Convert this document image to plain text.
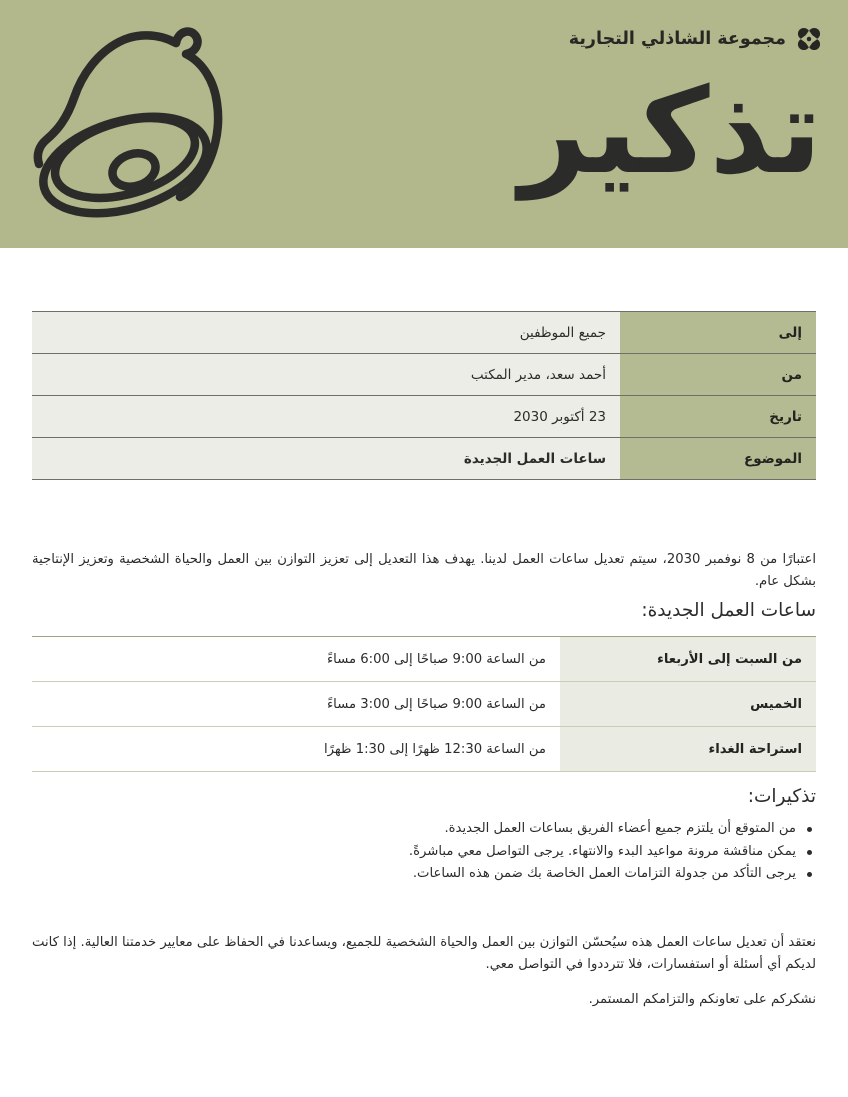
مجموعة الشاذلي التجارية
تذكير
إلى	جميع الموظفين

من	أحمد سعد، مدير المكتب

تاريخ	23 أكتوبر 2030

الموضوع	ساعات العمل الجديدة

اعتبارًا من 8 نوفمبر 2030، سيتم تعديل ساعات العمل لدينا. يهدف هذا التعديل إلى تعزيز التوازن بين العمل والحياة الشخصية وتعزيز الإنتاجية بشكل عام.

ساعات العمل الجديدة:
من السبت إلى الأربعاء	من الساعة 9:00 صباحًا إلى 6:00 مساءً

الخميس	من الساعة 9:00 صباحًا إلى 3:00 مساءً

استراحة الغداء	من الساعة 12:30 ظهرًا إلى 1:30 ظهرًا
تذكيرات:
من المتوقع أن يلتزم جميع أعضاء الفريق بساعات العمل الجديدة.
يمكن مناقشة مرونة مواعيد البدء والانتهاء. يرجى التواصل معي مباشرةً.
يرجى التأكد من جدولة التزامات العمل الخاصة بك ضمن هذه الساعات.

نعتقد أن تعديل ساعات العمل هذه سيُحسّن التوازن بين العمل والحياة الشخصية للجميع، ويساعدنا في الحفاظ على معايير خدمتنا العالية. إذا كانت لديكم أي أسئلة أو استفسارات، فلا تترددوا في التواصل معي.

نشكركم على تعاونكم والتزامكم المستمر.
